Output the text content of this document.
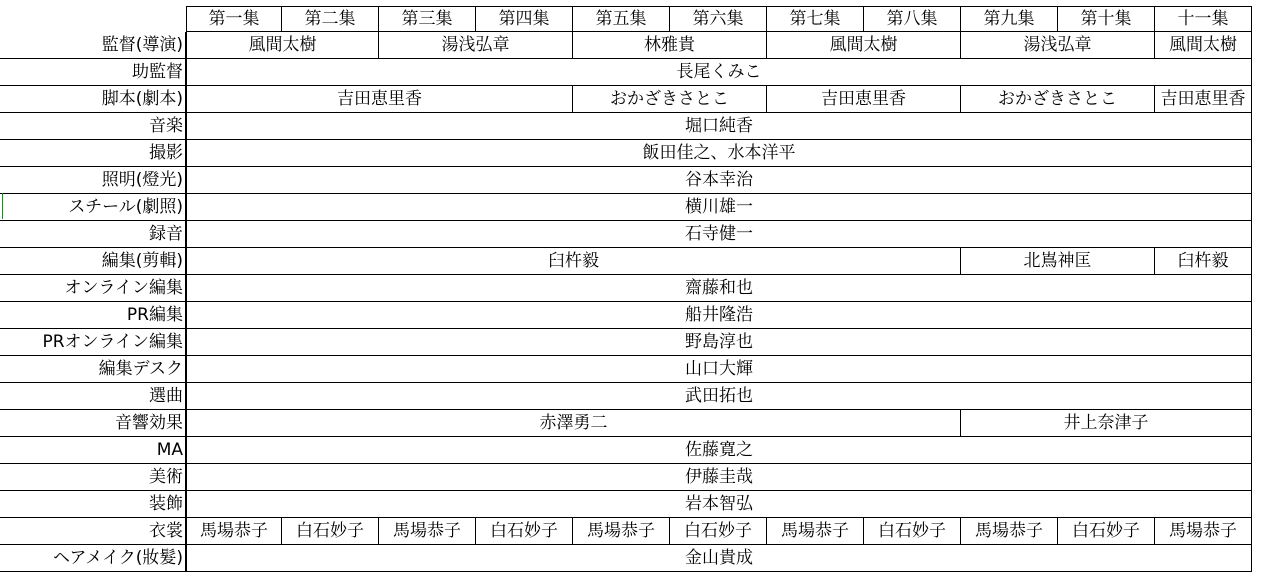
第一集	第二集	第三集	第四集	第五集	第六集	第七集	第八集	第九集	第十集	十一集
監督(導演)	風間太樹	湯浅弘章	林雅貴	風間太樹	湯浅弘章	風間太樹
助監督	長尾くみこ
脚本(劇本)	吉田恵里香	おかざきさとこ	吉田恵里香	おかざきさとこ	吉田恵里香
音楽	堀口純香
撮影	飯田佳之、水本洋平
照明(燈光)	谷本幸治
スチール(劇照)	横川雄一
録音	石寺健一
編集(剪輯)	臼杵毅	北嶌神匡	臼杵毅
オンライン編集	齋藤和也
PR編集	船井隆浩
PRオンライン編集	野島淳也
編集デスク	山口大輝
選曲	武田拓也
音響効果	赤澤勇二	井上奈津子
MA	佐藤寛之
美術	伊藤圭哉
装飾	岩本智弘
衣裳	馬場恭子	白石妙子	馬場恭子	白石妙子	馬場恭子	白石妙子	馬場恭子	白石妙子	馬場恭子	白石妙子	馬場恭子
ヘアメイク(妝髮)	金山貴成
